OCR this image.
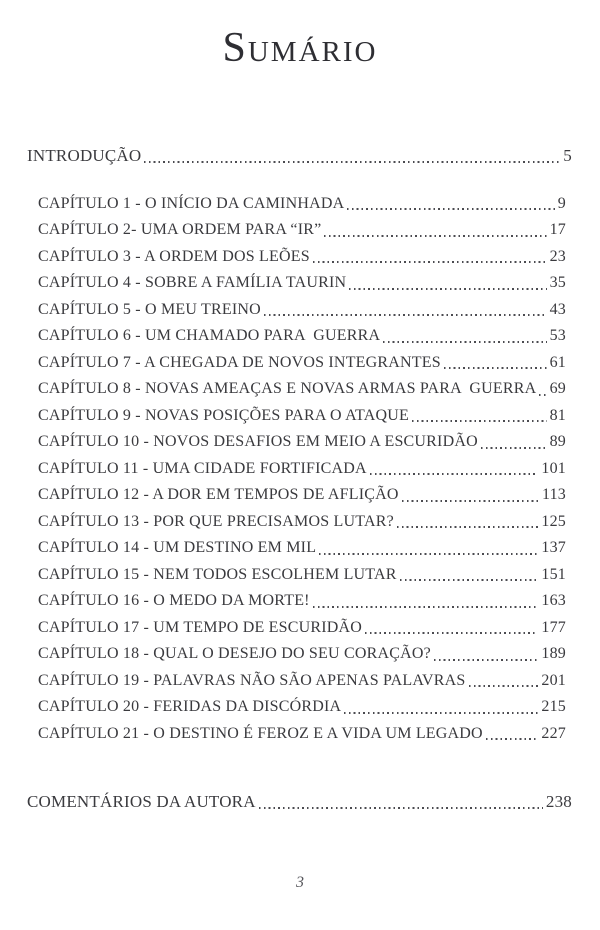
Sumário
INTRODUÇÃO	5
CAPÍTULO 1 - O INÍCIO DA CAMINHADA	9
CAPÍTULO 2- UMA ORDEM PARA “IR”	17
CAPÍTULO 3 - A ORDEM DOS LEÕES	23
CAPÍTULO 4 - SOBRE A FAMÍLIA TAURIN	35
CAPÍTULO 5 - O MEU TREINO	43
CAPÍTULO 6 - UM CHAMADO PARA  GUERRA	53
CAPÍTULO 7 - A CHEGADA DE NOVOS INTEGRANTES	61
CAPÍTULO 8 - NOVAS AMEAÇAS E NOVAS ARMAS PARA  GUERRA 69
CAPÍTULO 9 - NOVAS POSIÇÕES PARA O ATAQUE	81
CAPÍTULO 10 - NOVOS DESAFIOS EM MEIO A ESCURIDÃO	89
CAPÍTULO 11 - UMA CIDADE FORTIFICADA	101
CAPÍTULO 12 - A DOR EM TEMPOS DE AFLIÇÃO	113
CAPÍTULO 13 - POR QUE PRECISAMOS LUTAR?	125
CAPÍTULO 14 - UM DESTINO EM MIL	137
CAPÍTULO 15 - NEM TODOS ESCOLHEM LUTAR	151
CAPÍTULO 16 - O MEDO DA MORTE!	163
CAPÍTULO 17 - UM TEMPO DE ESCURIDÃO	177
CAPÍTULO 18 - QUAL O DESEJO DO SEU CORAÇÃO?	189
CAPÍTULO 19 - PALAVRAS NÃO SÃO APENAS PALAVRAS	201
CAPÍTULO 20 - FERIDAS DA DISCÓRDIA	215
CAPÍTULO 21 - O DESTINO É FEROZ E A VIDA UM LEGADO	227
COMENTÁRIOS DA AUTORA	238
3
